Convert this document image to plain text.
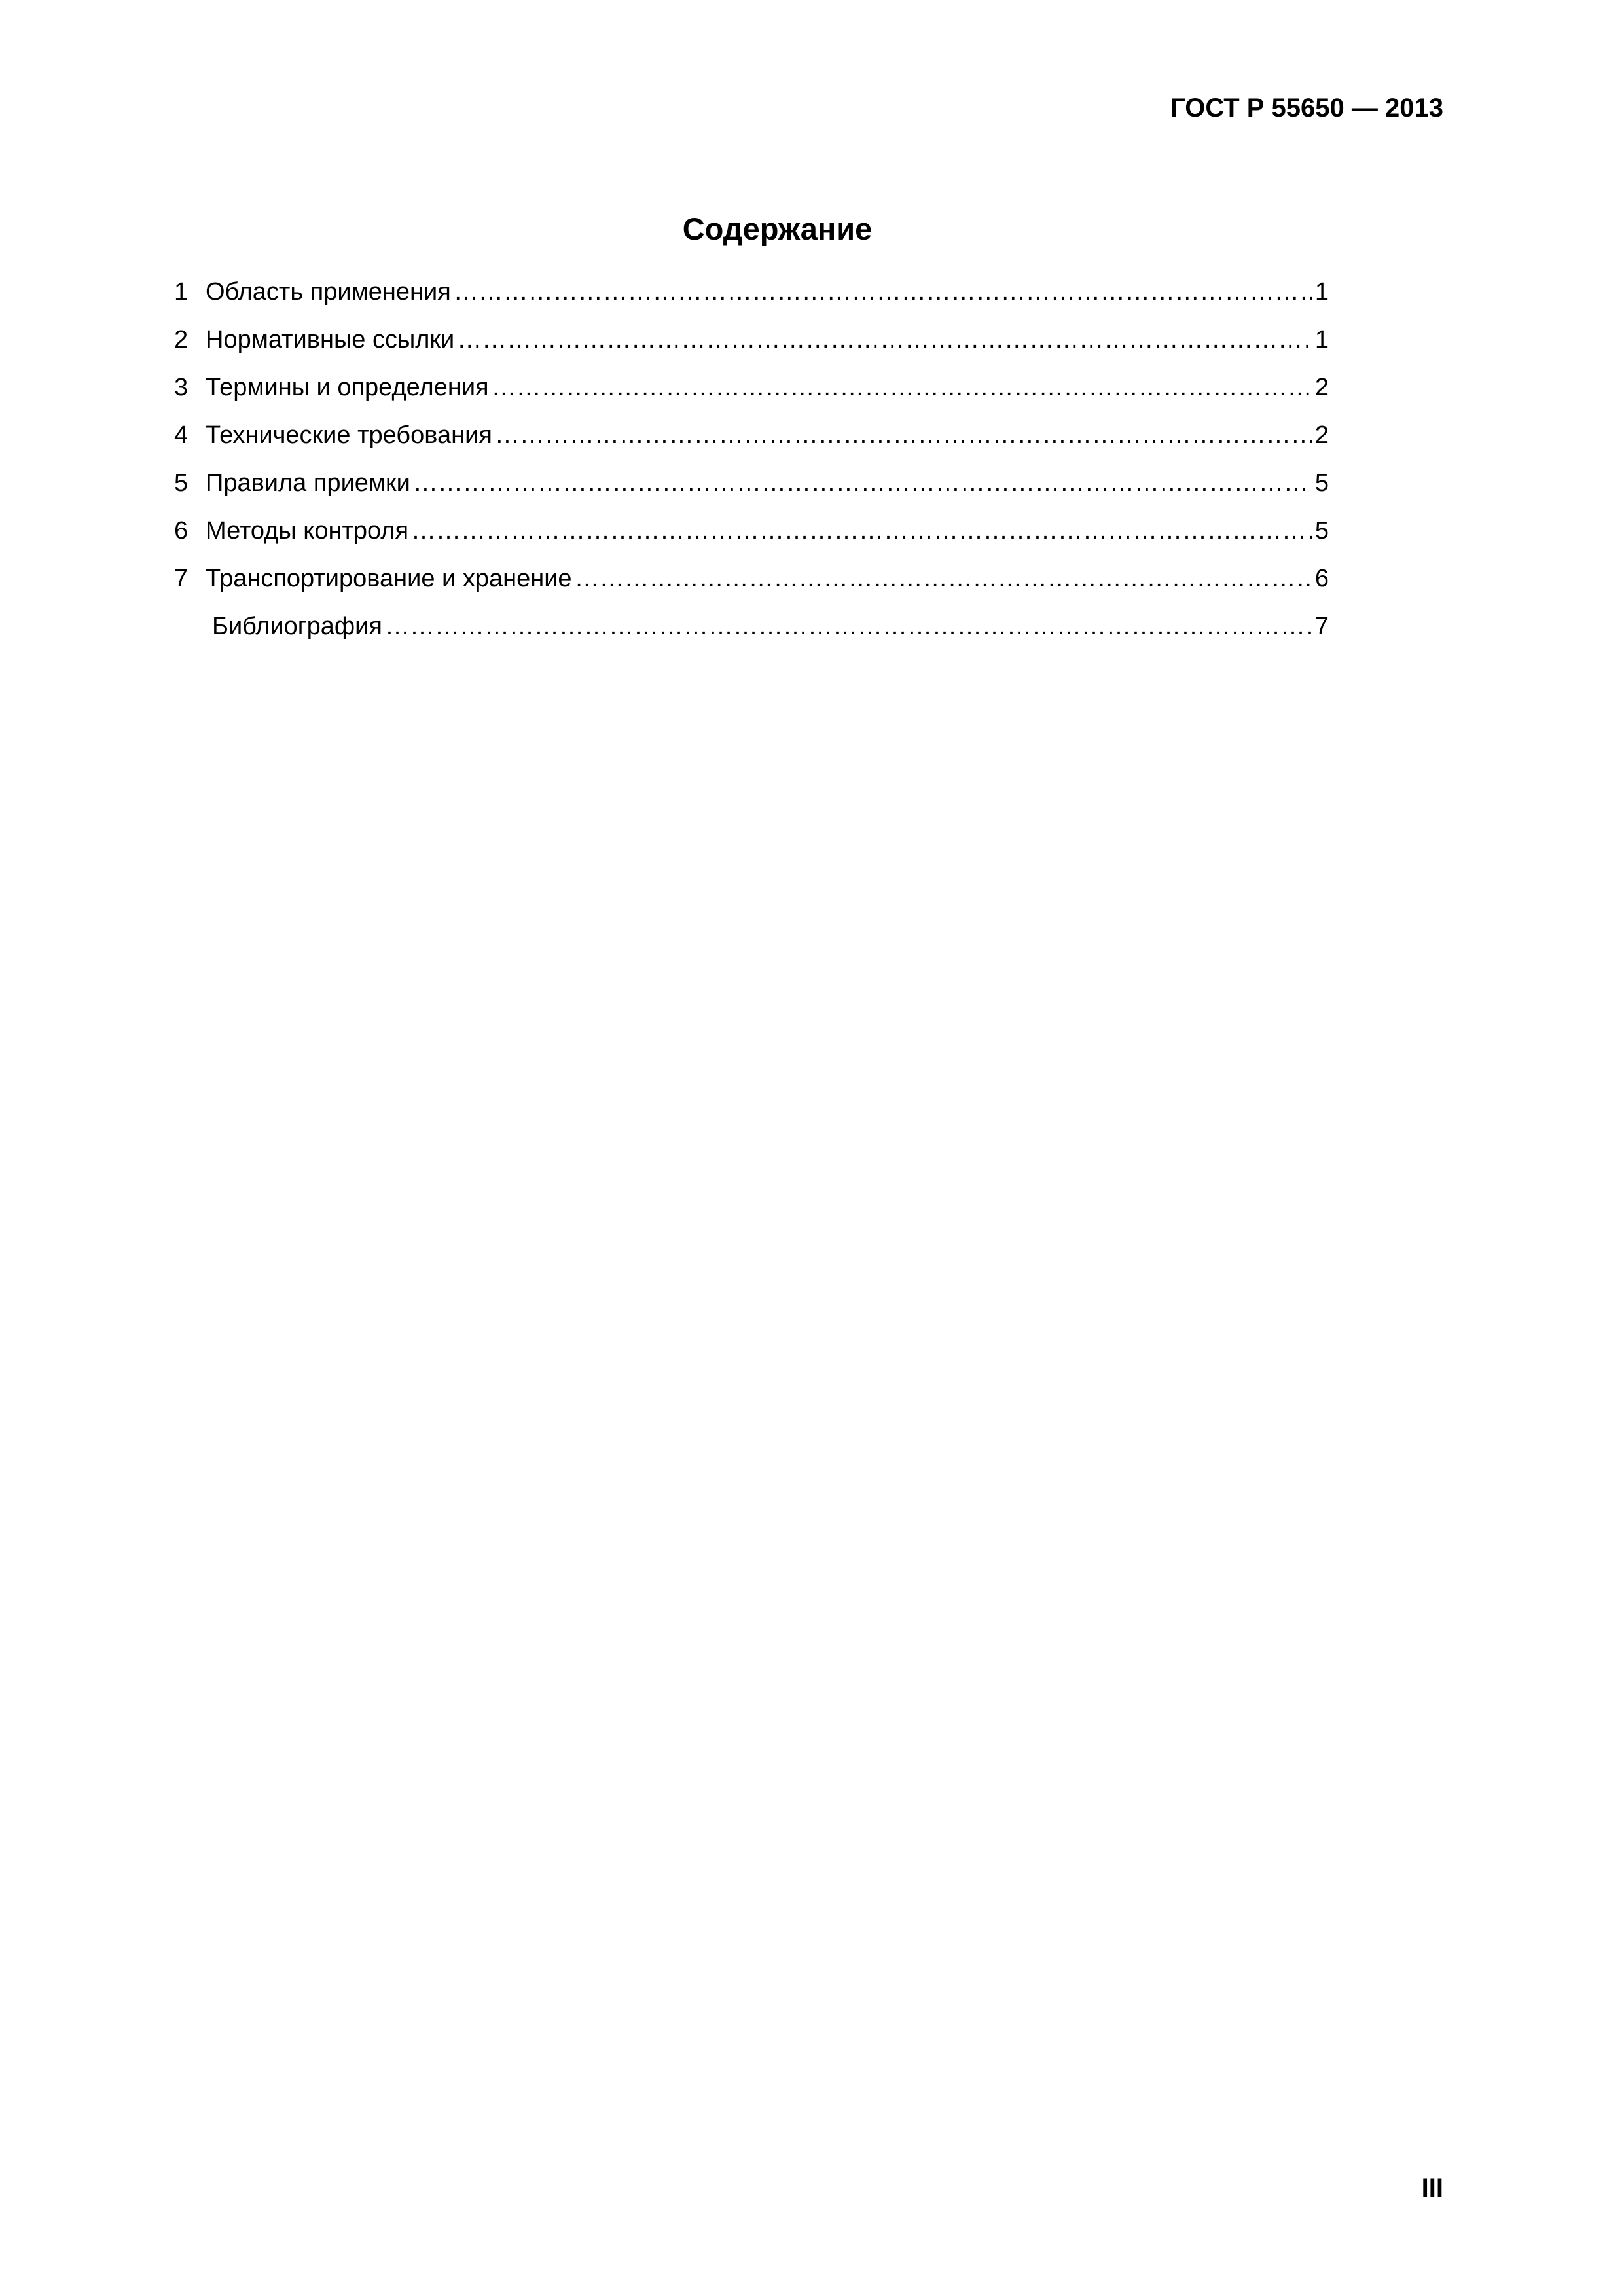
ГОСТ Р 55650 — 2013
Содержание
1 Область применения ………………………………………………………………………………………………………………………………………………………………………………………………………………	1
2 Нормативные ссылки ………………………………………………………………………………………………………………………………………………………………………………………………………………	1
3 Термины и определения ………………………………………………………………………………………………………………………………………………………………………………………………………………	2
4 Технические требования ………………………………………………………………………………………………………………………………………………………………………………………………………………	2
5 Правила приемки ………………………………………………………………………………………………………………………………………………………………………………………………………………	5
6 Методы контроля ………………………………………………………………………………………………………………………………………………………………………………………………………………	5
7 Транспортирование и хранение ………………………………………………………………………………………………………………………………………………………………………………………………………………	6
Библиография ………………………………………………………………………………………………………………………………………………………………………………………………………………	7
III
